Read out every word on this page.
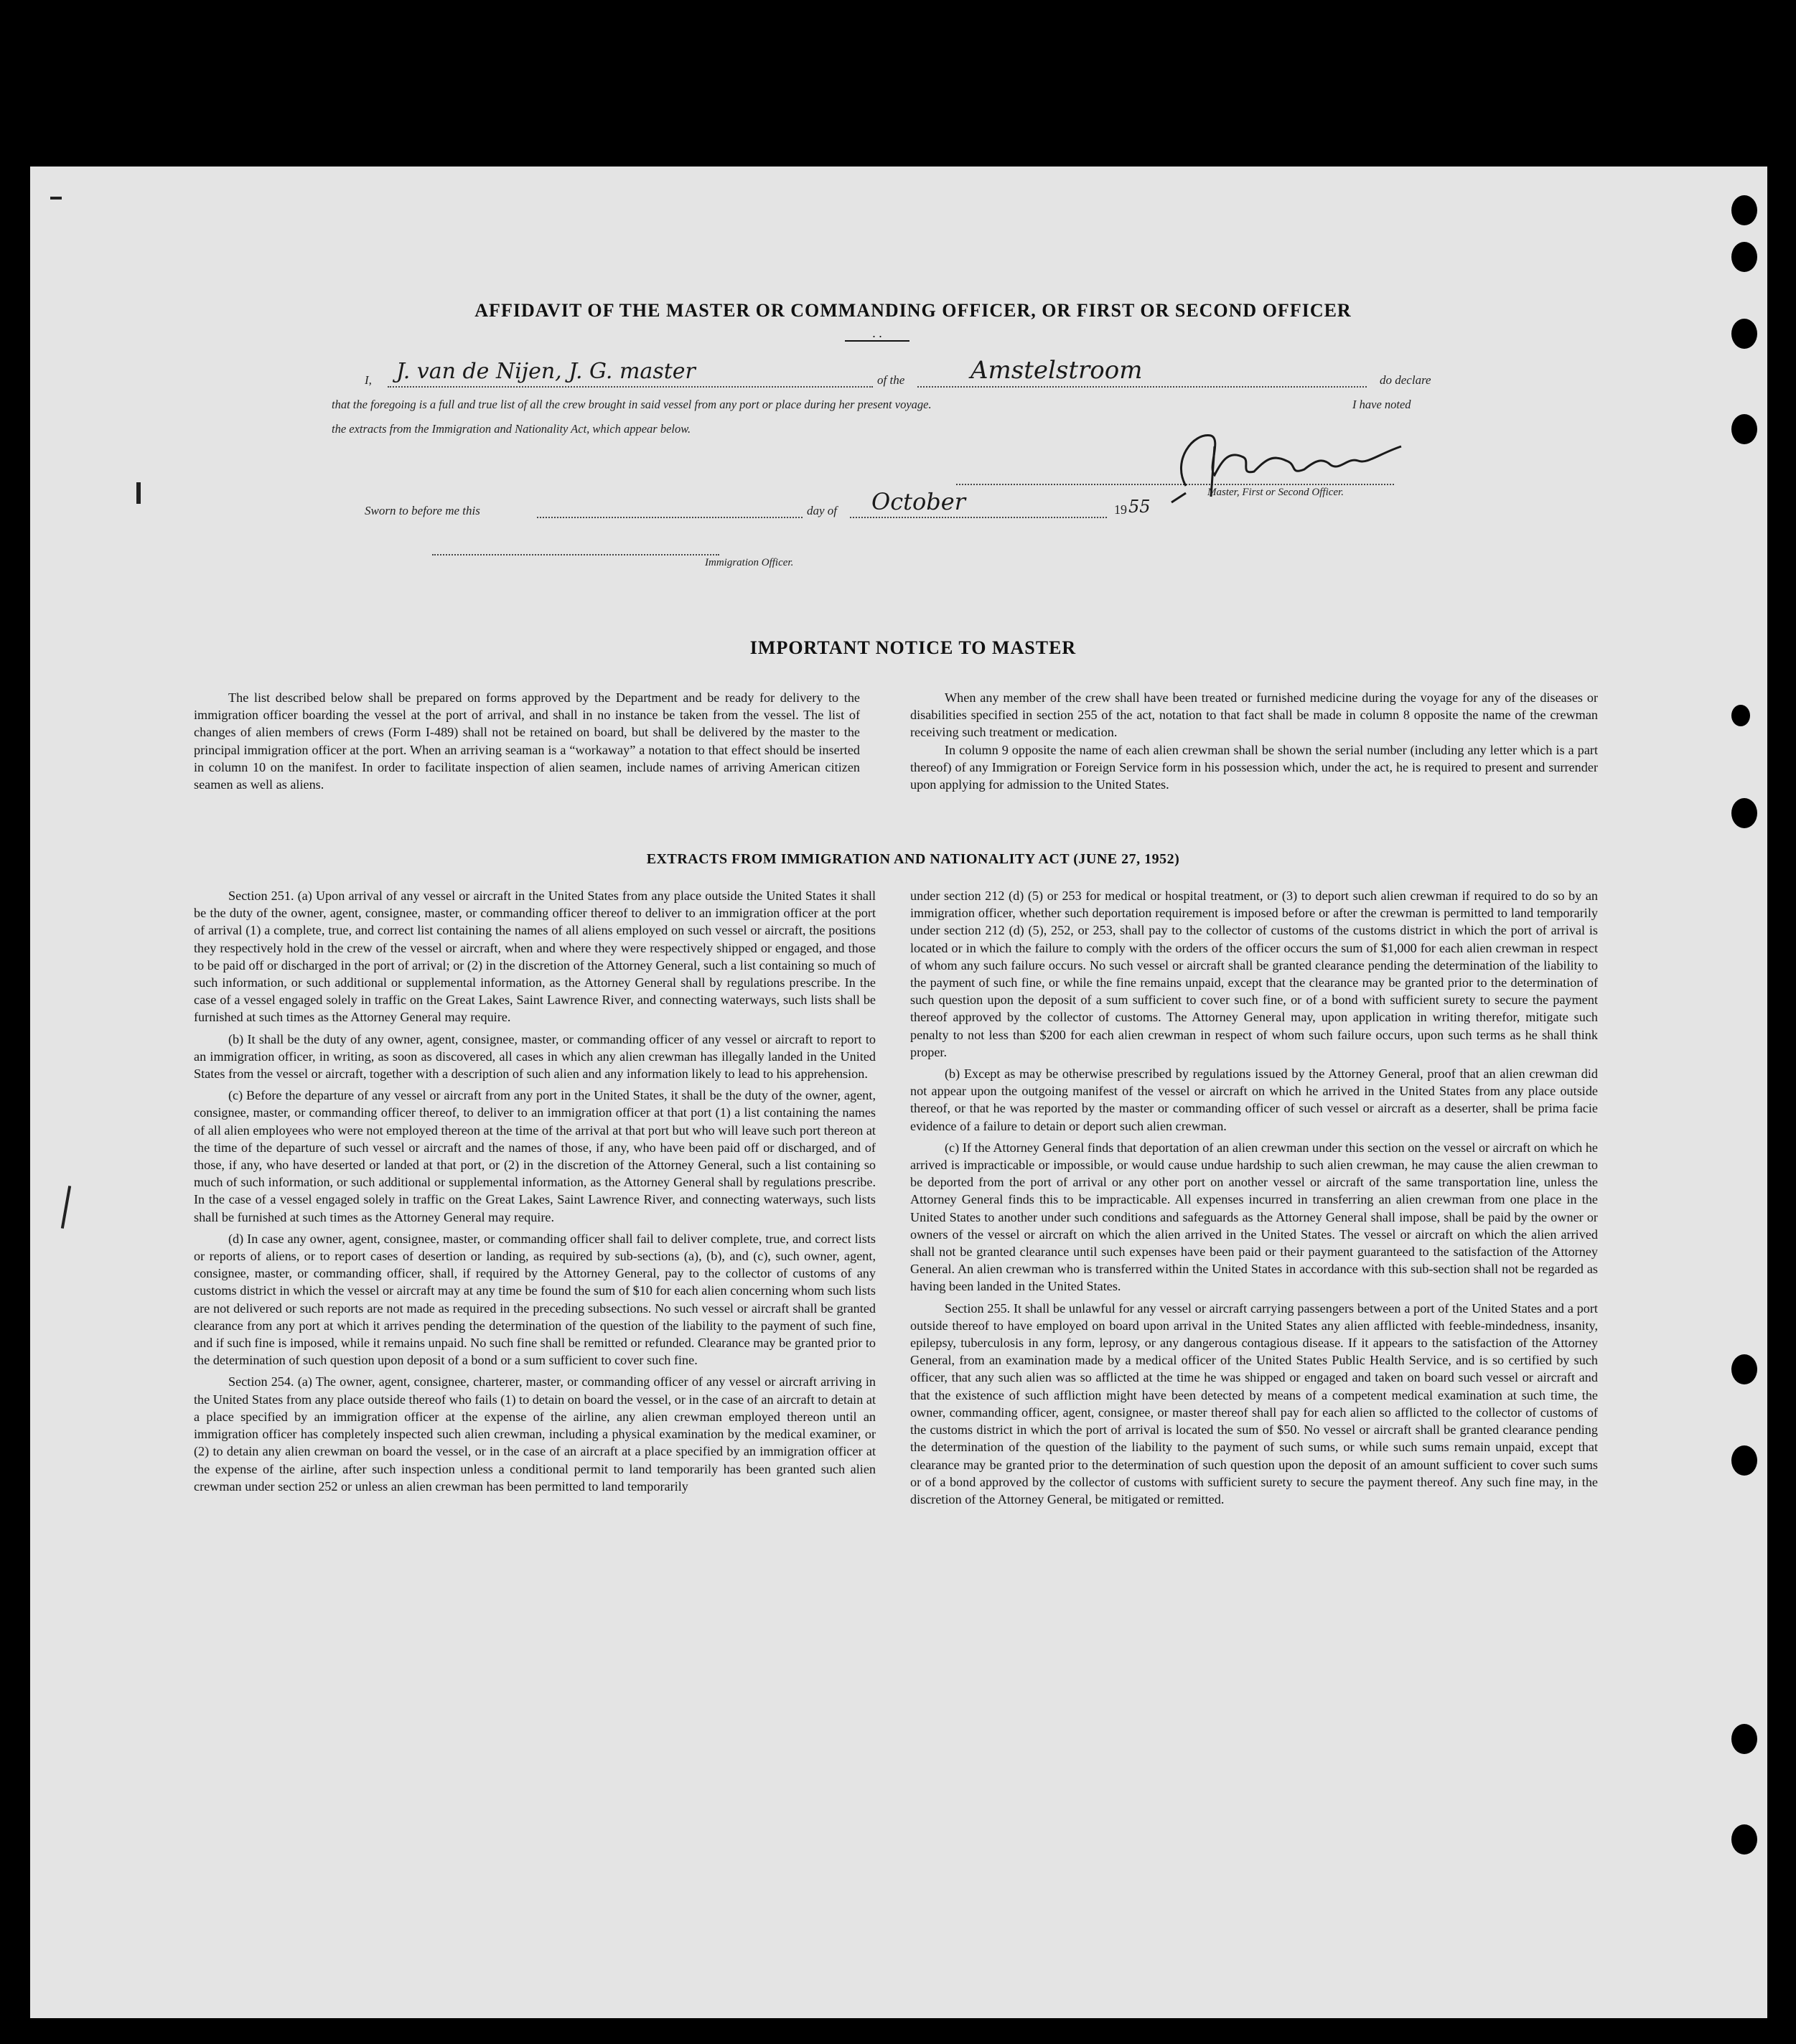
AFFIDAVIT OF THE MASTER OR COMMANDING OFFICER, OR FIRST OR SECOND OFFICER
. .
I, J. van de Nijen, J. G. master	of the	Amstelstroom	do declare
that the foregoing is a full and true list of all the crew brought in said vessel from any port or place during her present voyage.	I have noted
the extracts from the Immigration and Nationality Act, which appear below.
Master, First or Second Officer.
Sworn to before me this	day of October	19 55
Immigration Officer.
IMPORTANT NOTICE TO MASTER

The list described below shall be prepared on forms approved by the Department and be ready for delivery to the immigration officer boarding the vessel at the port of arrival, and shall in no instance be taken from the vessel. The list of changes of alien members of crews (Form I-489) shall not be retained on board, but shall be delivered by the master to the principal immigration officer at the port. When an arriving seaman is a “workaway” a notation to that effect should be inserted in column 10 on the manifest. In order to facilitate inspection of alien seamen, include names of arriving American citizen seamen as well as aliens.

When any member of the crew shall have been treated or furnished medicine during the voyage for any of the diseases or disabilities specified in section 255 of the act, notation to that fact shall be made in column 8 opposite the name of the crewman receiving such treatment or medication.

In column 9 opposite the name of each alien crewman shall be shown the serial number (including any letter which is a part thereof) of any Immigration or Foreign Service form in his possession which, under the act, he is required to present and surrender upon applying for admission to the United States.

EXTRACTS FROM IMMIGRATION AND NATIONALITY ACT (JUNE 27, 1952)

Section 251. (a) Upon arrival of any vessel or aircraft in the United States from any place outside the United States it shall be the duty of the owner, agent, consignee, master, or commanding officer thereof to deliver to an immigration officer at the port of arrival (1) a complete, true, and correct list containing the names of all aliens employed on such vessel or aircraft, the positions they respectively hold in the crew of the vessel or aircraft, when and where they were respectively shipped or engaged, and those to be paid off or discharged in the port of arrival; or (2) in the discretion of the Attorney General, such a list containing so much of such information, or such additional or supplemental information, as the Attorney General shall by regulations prescribe. In the case of a vessel engaged solely in traffic on the Great Lakes, Saint Lawrence River, and connecting waterways, such lists shall be furnished at such times as the Attorney General may require.

(b) It shall be the duty of any owner, agent, consignee, master, or commanding officer of any vessel or aircraft to report to an immigration officer, in writing, as soon as discovered, all cases in which any alien crewman has illegally landed in the United States from the vessel or aircraft, together with a description of such alien and any information likely to lead to his apprehension.

(c) Before the departure of any vessel or aircraft from any port in the United States, it shall be the duty of the owner, agent, consignee, master, or commanding officer thereof, to deliver to an immigration officer at that port (1) a list containing the names of all alien employees who were not employed thereon at the time of the arrival at that port but who will leave such port thereon at the time of the departure of such vessel or aircraft and the names of those, if any, who have been paid off or discharged, and of those, if any, who have deserted or landed at that port, or (2) in the discretion of the Attorney General, such a list containing so much of such information, or such additional or supplemental information, as the Attorney General shall by regulations prescribe. In the case of a vessel engaged solely in traffic on the Great Lakes, Saint Lawrence River, and connecting waterways, such lists shall be furnished at such times as the Attorney General may require.

(d) In case any owner, agent, consignee, master, or commanding officer shall fail to deliver complete, true, and correct lists or reports of aliens, or to report cases of desertion or landing, as required by sub-sections (a), (b), and (c), such owner, agent, consignee, master, or commanding officer, shall, if required by the Attorney General, pay to the collector of customs of any customs district in which the vessel or aircraft may at any time be found the sum of $10 for each alien concerning whom such lists are not delivered or such reports are not made as required in the preceding subsections. No such vessel or aircraft shall be granted clearance from any port at which it arrives pending the determination of the question of the liability to the payment of such fine, and if such fine is imposed, while it remains unpaid. No such fine shall be remitted or refunded. Clearance may be granted prior to the determination of such question upon deposit of a bond or a sum sufficient to cover such fine.

Section 254. (a) The owner, agent, consignee, charterer, master, or commanding officer of any vessel or aircraft arriving in the United States from any place outside thereof who fails (1) to detain on board the vessel, or in the case of an aircraft to detain at a place specified by an immigration officer at the expense of the airline, any alien crewman employed thereon until an immigration officer has completely inspected such alien crewman, including a physical examination by the medical examiner, or (2) to detain any alien crewman on board the vessel, or in the case of an aircraft at a place specified by an immigration officer at the expense of the airline, after such inspection unless a conditional permit to land temporarily has been granted such alien crewman under section 252 or unless an alien crewman has been permitted to land temporarily

under section 212 (d) (5) or 253 for medical or hospital treatment, or (3) to deport such alien crewman if required to do so by an immigration officer, whether such deportation requirement is imposed before or after the crewman is permitted to land temporarily under section 212 (d) (5), 252, or 253, shall pay to the collector of customs of the customs district in which the port of arrival is located or in which the failure to comply with the orders of the officer occurs the sum of $1,000 for each alien crewman in respect of whom any such failure occurs. No such vessel or aircraft shall be granted clearance pending the determination of the liability to the payment of such fine, or while the fine remains unpaid, except that the clearance may be granted prior to the determination of such question upon the deposit of a sum sufficient to cover such fine, or of a bond with sufficient surety to secure the payment thereof approved by the collector of customs. The Attorney General may, upon application in writing therefor, mitigate such penalty to not less than $200 for each alien crewman in respect of whom such failure occurs, upon such terms as he shall think proper.

(b) Except as may be otherwise prescribed by regulations issued by the Attorney General, proof that an alien crewman did not appear upon the outgoing manifest of the vessel or aircraft on which he arrived in the United States from any place outside thereof, or that he was reported by the master or commanding officer of such vessel or aircraft as a deserter, shall be prima facie evidence of a failure to detain or deport such alien crewman.

(c) If the Attorney General finds that deportation of an alien crewman under this section on the vessel or aircraft on which he arrived is impracticable or impossible, or would cause undue hardship to such alien crewman, he may cause the alien crewman to be deported from the port of arrival or any other port on another vessel or aircraft of the same transportation line, unless the Attorney General finds this to be impracticable. All expenses incurred in transferring an alien crewman from one place in the United States to another under such conditions and safeguards as the Attorney General shall impose, shall be paid by the owner or owners of the vessel or aircraft on which the alien arrived in the United States. The vessel or aircraft on which the alien arrived shall not be granted clearance until such expenses have been paid or their payment guaranteed to the satisfaction of the Attorney General. An alien crewman who is transferred within the United States in accordance with this sub-section shall not be regarded as having been landed in the United States.

Section 255. It shall be unlawful for any vessel or aircraft carrying passengers between a port of the United States and a port outside thereof to have employed on board upon arrival in the United States any alien afflicted with feeble-mindedness, insanity, epilepsy, tuberculosis in any form, leprosy, or any dangerous contagious disease. If it appears to the satisfaction of the Attorney General, from an examination made by a medical officer of the United States Public Health Service, and is so certified by such officer, that any such alien was so afflicted at the time he was shipped or engaged and taken on board such vessel or aircraft and that the existence of such affliction might have been detected by means of a competent medical examination at such time, the owner, commanding officer, agent, consignee, or master thereof shall pay for each alien so afflicted to the collector of customs of the customs district in which the port of arrival is located the sum of $50. No vessel or aircraft shall be granted clearance pending the determination of the question of the liability to the payment of such sums, or while such sums remain unpaid, except that clearance may be granted prior to the determination of such question upon the deposit of an amount sufficient to cover such sums or of a bond approved by the collector of customs with sufficient surety to secure the payment thereof. Any such fine may, in the discretion of the Attorney General, be mitigated or remitted.
